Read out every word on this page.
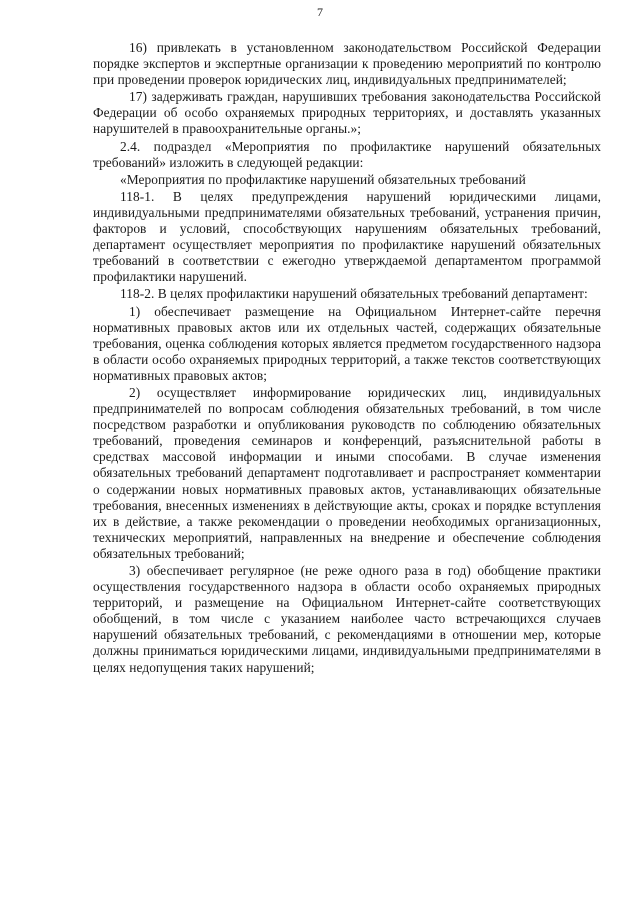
7

16) привлекать в установленном законодательством Российской Федерации порядке экспертов и экспертные организации к проведению мероприятий по контролю при проведении проверок юридических лиц, индивидуальных предпринимателей;

17) задерживать граждан, нарушивших требования законодательства Российской Федерации об особо охраняемых природных территориях, и доставлять указанных нарушителей в правоохранительные органы.»;

2.4. подраздел «Мероприятия по профилактике нарушений обязательных требований» изложить в следующей редакции:

«Мероприятия по профилактике нарушений обязательных требований

118-1. В целях предупреждения нарушений юридическими лицами, индивидуальными предпринимателями обязательных требований, устранения причин, факторов и условий, способствующих нарушениям обязательных требований, департамент осуществляет мероприятия по профилактике нарушений обязательных требований в соответствии с ежегодно утверждаемой департаментом программой профилактики нарушений.

118-2. В целях профилактики нарушений обязательных требований департамент:

1) обеспечивает размещение на Официальном Интернет-сайте перечня нормативных правовых актов или их отдельных частей, содержащих обязательные требования, оценка соблюдения которых является предметом государственного надзора в области особо охраняемых природных территорий, а также текстов соответствующих нормативных правовых актов;

2) осуществляет информирование юридических лиц, индивидуальных предпринимателей по вопросам соблюдения обязательных требований, в том числе посредством разработки и опубликования руководств по соблюдению обязательных требований, проведения семинаров и конференций, разъяснительной работы в средствах массовой информации и иными способами. В случае изменения обязательных требований департамент подготавливает и распространяет комментарии о содержании новых нормативных правовых актов, устанавливающих обязательные требования, внесенных изменениях в действующие акты, сроках и порядке вступления их в действие, а также рекомендации о проведении необходимых организационных, технических мероприятий, направленных на внедрение и обеспечение соблюдения обязательных требований;

3) обеспечивает регулярное (не реже одного раза в год) обобщение практики осуществления государственного надзора в области особо охраняемых природных территорий, и размещение на Официальном Интернет-сайте соответствующих обобщений, в том числе с указанием наиболее часто встречающихся случаев нарушений обязательных требований, с рекомендациями в отношении мер, которые должны приниматься юридическими лицами, индивидуальными предпринимателями в целях недопущения таких нарушений;
